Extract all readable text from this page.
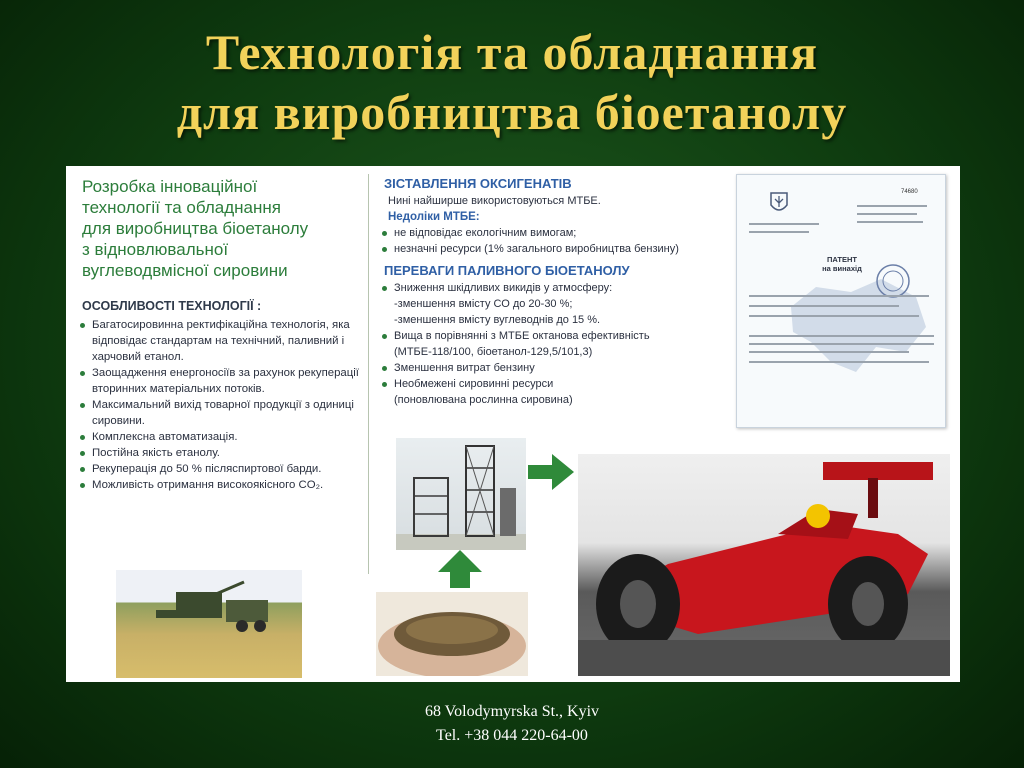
Технологія та обладнання
для виробництва біоетанолу
Розробка інноваційної
технології та обладнання
для виробництва біоетанолу
з відновлювальної
вуглеводвмісної сировини
ОСОБЛИВОСТІ ТЕХНОЛОГІЇ :
Багатосировинна ректифікаційна технологія, яка відповідає стандартам на технічний, паливний і харчовий етанол.
Заощадження енергоносіїв за рахунок рекуперації вторинних матеріальних потоків.
Максимальний вихід товарної продукції з одиниці сировини.
Комплексна автоматизація.
Постійна якість етанолу.
Рекуперація до 50 % післяспиртової барди.
Можливість отримання високоякісного CO₂.
ЗІСТАВЛЕННЯ ОКСИГЕНАТІВ
Нині найширше використовуються МТБЕ.
Недоліки МТБЕ:
не відповідає екологічним вимогам;
незначні ресурси (1% загального виробництва бензину)
ПЕРЕВАГИ ПАЛИВНОГО БІОЕТАНОЛУ
Зниження шкідливих викидів у атмосферу:
-зменшення вмісту СО до 20-30 %;
-зменшення вмісту вуглеводнів до 15 %.
Вища в порівнянні з МТБЕ октанова ефективність
(МТБЕ-118/100, біоетанол-129,5/101,3)
Зменшення витрат бензину
Необмежені сировинні ресурси
(поновлювана рослинна сировина)
74680
ПАТЕНТ
на винахід
68 Volodymyrska St., Kyiv
Tel. +38 044 220-64-00
